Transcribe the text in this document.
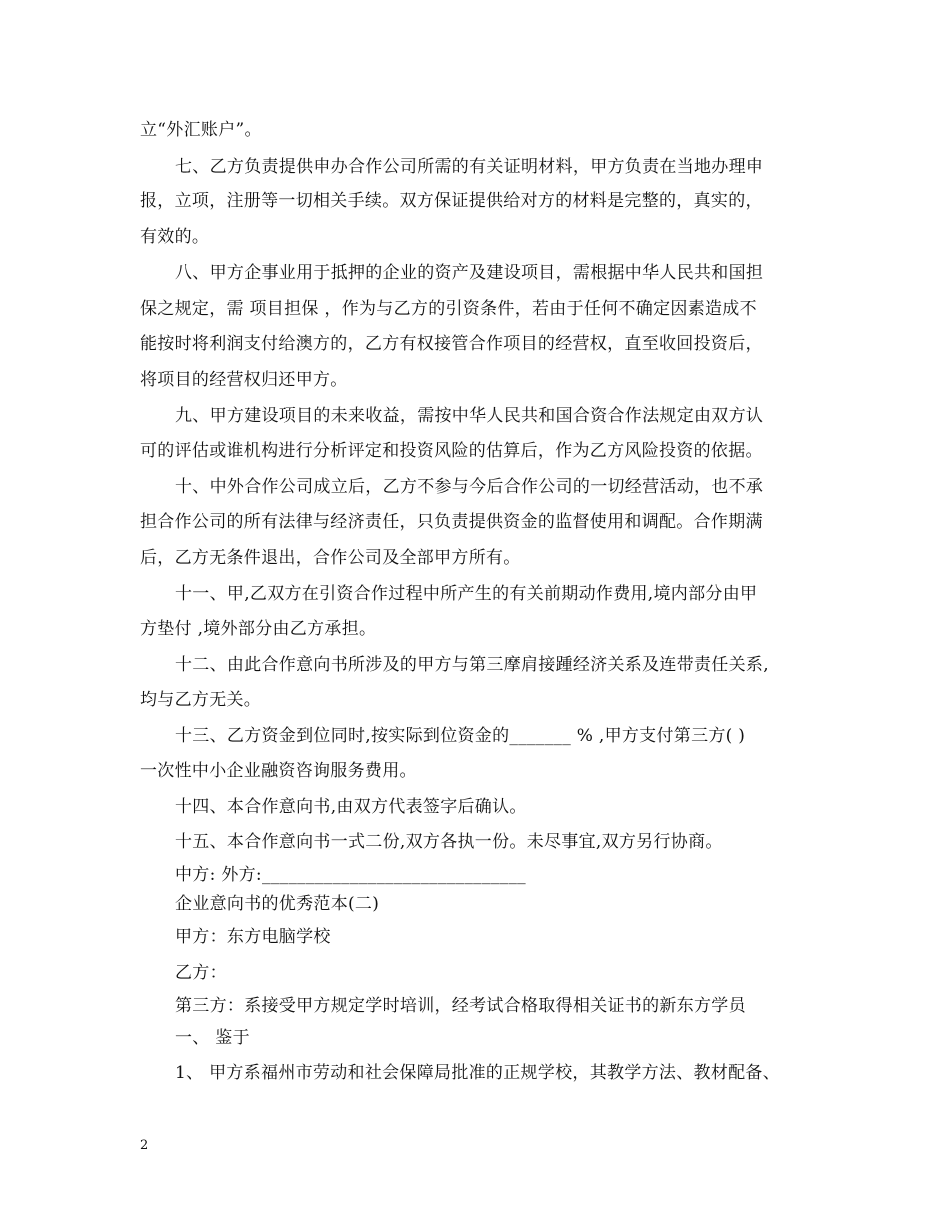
立“外汇账户”。
七、乙方负责提供申办合作公司所需的有关证明材料，甲方负责在当地办理申
报，立项，注册等一切相关手续。双方保证提供给对方的材料是完整的，真实的，
有效的。
八、甲方企事业用于抵押的企业的资产及建设项目，需根据中华人民共和国担
保之规定，需 项目担保 ，作为与乙方的引资条件，若由于任何不确定因素造成不
能按时将利润支付给澳方的，乙方有权接管合作项目的经营权，直至收回投资后，
将项目的经营权归还甲方。
九、甲方建设项目的未来收益，需按中华人民共和国合资合作法规定由双方认
可的评估或谁机构进行分析评定和投资风险的估算后，作为乙方风险投资的依据。
十、中外合作公司成立后，乙方不参与今后合作公司的一切经营活动，也不承
担合作公司的所有法律与经济责任，只负责提供资金的监督使用和调配。合作期满
后，乙方无条件退出，合作公司及全部甲方所有。
十一、甲,乙双方在引资合作过程中所产生的有关前期动作费用,境内部分由甲
方垫付 ,境外部分由乙方承担。
十二、由此合作意向书所涉及的甲方与第三摩肩接踵经济关系及连带责任关系,
均与乙方无关。
十三、乙方资金到位同时,按实际到位资金的_______ % ,甲方支付第三方( )
一次性中小企业融资咨询服务费用。
十四、本合作意向书,由双方代表签字后确认。
十五、本合作意向书一式二份,双方各执一份。未尽事宜,双方另行协商。
中方: 外方:______________________________
企业意向书的优秀范本(二)
甲方：东方电脑学校
乙方：
第三方：系接受甲方规定学时培训，经考试合格取得相关证书的新东方学员
一、 鉴于
1、 甲方系福州市劳动和社会保障局批准的正规学校，其教学方法、教材配备、
2
